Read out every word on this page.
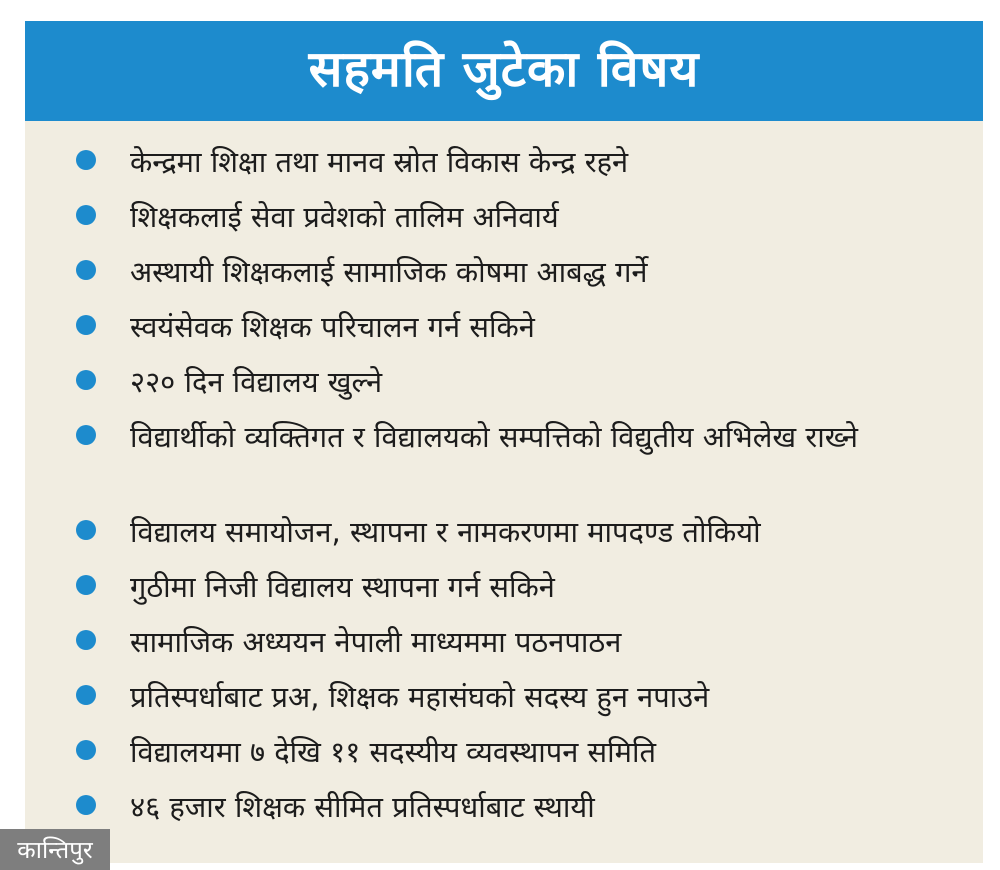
सहमति जुटेका विषय
केन्द्रमा शिक्षा तथा मानव स्रोत विकास केन्द्र रहने
शिक्षकलाई सेवा प्रवेशको तालिम अनिवार्य
अस्थायी शिक्षकलाई सामाजिक कोषमा आबद्ध गर्ने
स्वयंसेवक शिक्षक परिचालन गर्न सकिने
२२० दिन विद्यालय खुल्ने
विद्यार्थीको व्यक्तिगत र विद्यालयको सम्पत्तिको विद्युतीय अभिलेख राख्ने
विद्यालय समायोजन, स्थापना र नामकरणमा मापदण्ड तोकियो
गुठीमा निजी विद्यालय स्थापना गर्न सकिने
सामाजिक अध्ययन नेपाली माध्यममा पठनपाठन
प्रतिस्पर्धाबाट प्रअ, शिक्षक महासंघको सदस्य हुन नपाउने
विद्यालयमा ७ देखि ११ सदस्यीय व्यवस्थापन समिति
४६ हजार शिक्षक सीमित प्रतिस्पर्धाबाट स्थायी
कान्तिपुर
